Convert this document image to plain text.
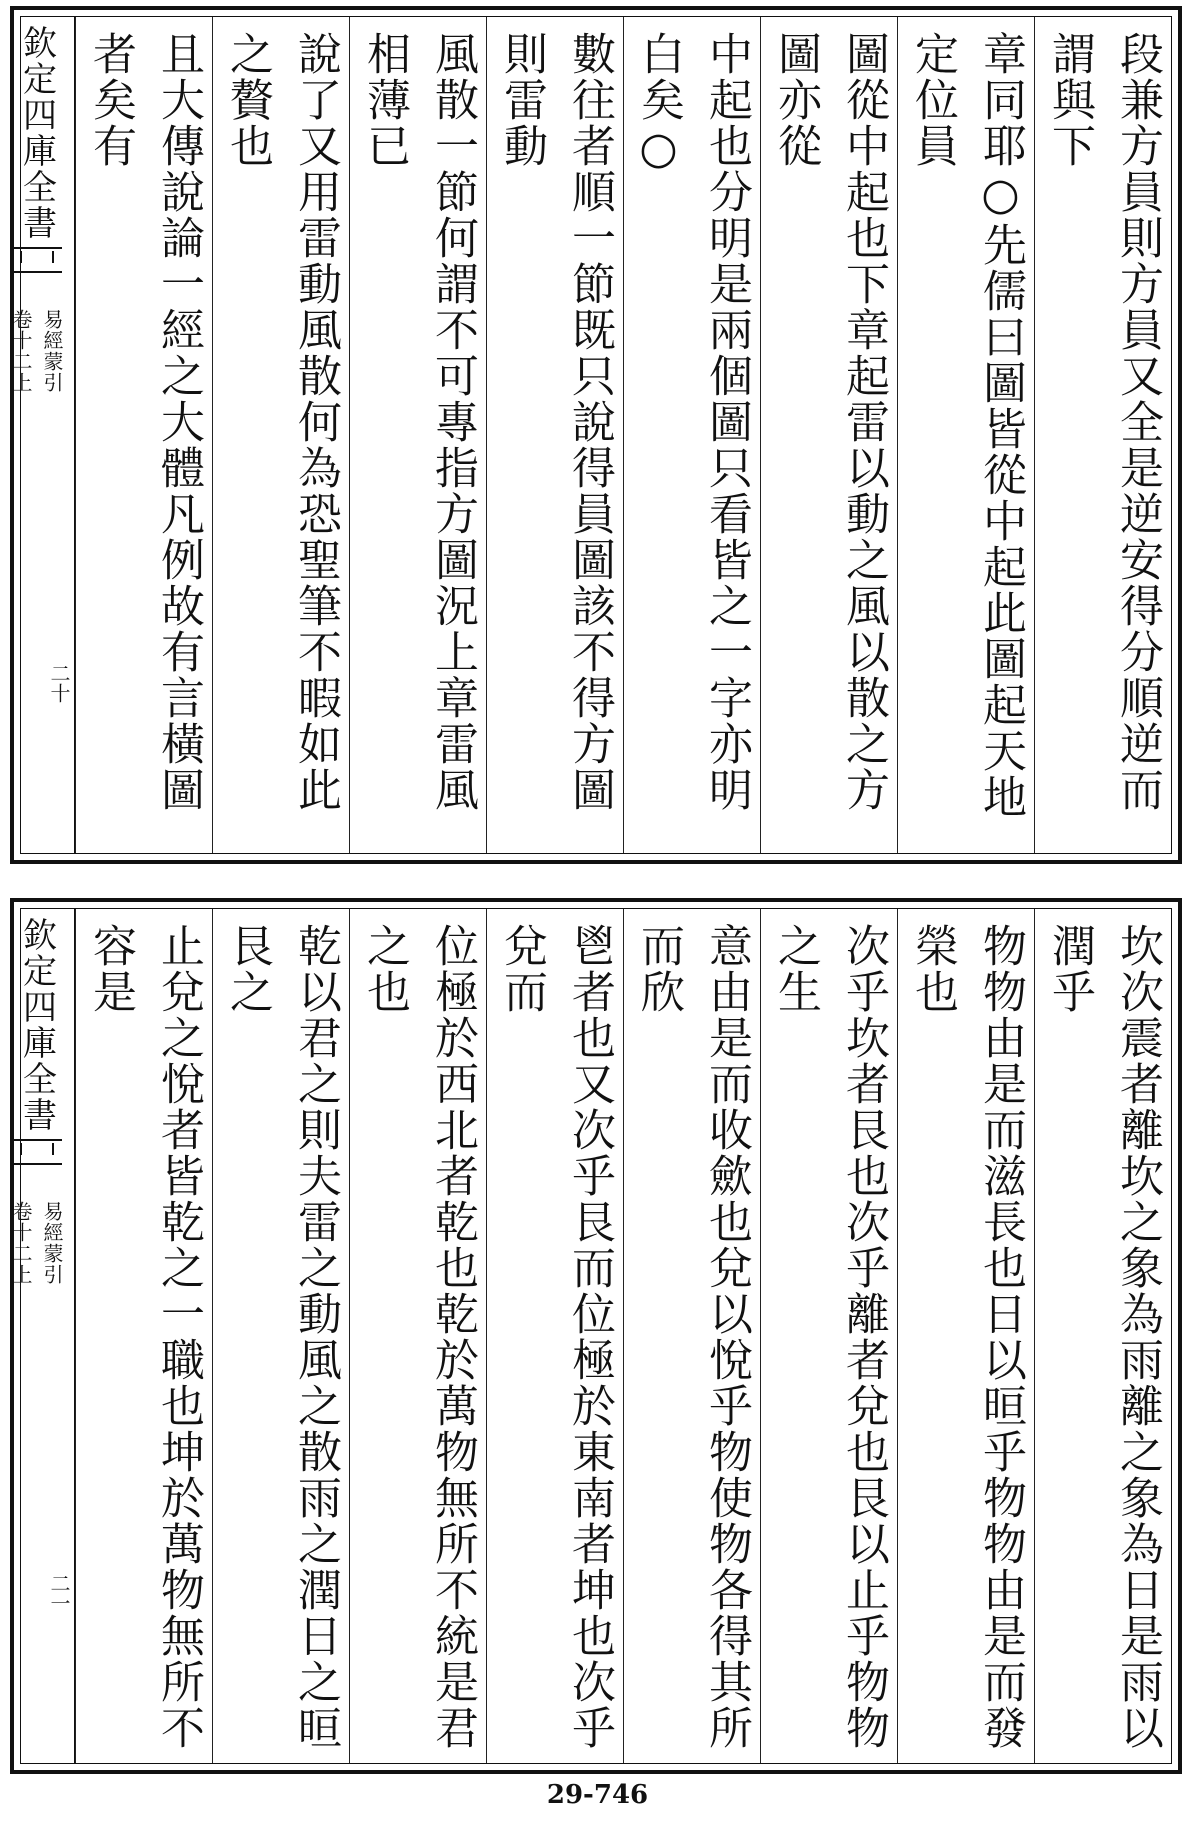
段兼方員則方員又全是逆安得分順逆而謂與下
章同耶○先儒曰圖皆從中起此圖起天地定位員
圖從中起也下章起雷以動之風以散之方圖亦從
中起也分明是兩個圖只看皆之一字亦明白矣○
數往者順一節既只說得員圖該不得方圖則雷動
風散一節何謂不可專指方圖況上章雷風相薄已
說了又用雷動風散何為恐聖筆不暇如此之贅也
且大傳說論一經之大體凡例故有言橫圖者矣有
欽定四庫全書
易經蒙引
卷十二上
二十
坎次震者離坎之象為雨離之象為日是雨以潤乎
物物由是而滋長也日以晅乎物物由是而發榮也
次乎坎者艮也次乎離者兌也艮以止乎物物之生
意由是而收歛也兌以悅乎物使物各得其所而欣
鬯者也又次乎艮而位極於東南者坤也次乎兌而
位極於西北者乾也乾於萬物無所不統是君之也
乾以君之則夫雷之動風之散雨之潤日之晅艮之
止兌之悅者皆乾之一職也坤於萬物無所不容是
欽定四庫全書
易經蒙引
卷十二上
二一
29-746
